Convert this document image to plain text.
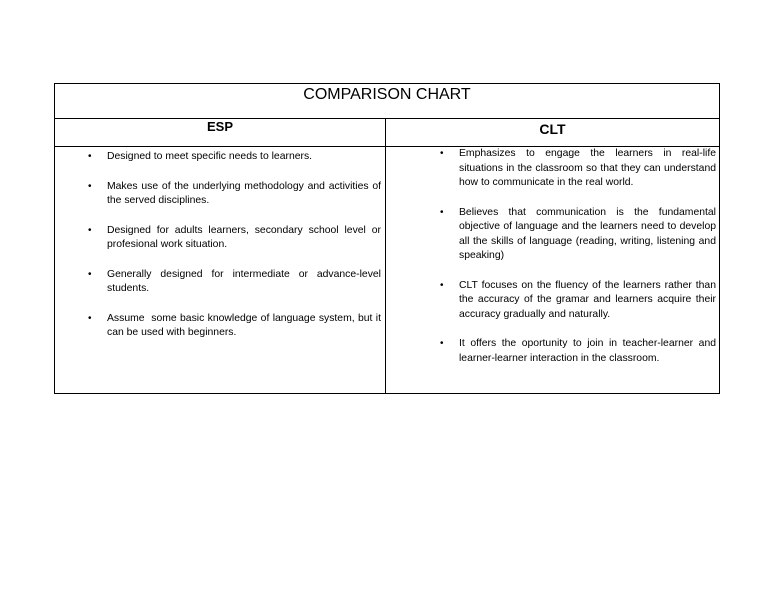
COMPARISON CHART
ESP	CLT
• Designed to meet specific needs to learners.
• Makes use of the underlying methodology and activities of the served disciplines.
• Designed for adults learners, secondary school level or profesional work situation.
• Generally designed for intermediate or advance-level students.
• Assume  some basic knowledge of language system, but it can be used with beginners.
• Emphasizes to engage the learners in real-life situations in the classroom so that they can understand how to communicate in the real world.
• Believes that communication is the fundamental objective of language and the learners need to develop all the skills of language (reading, writing, listening and speaking)
• CLT focuses on the fluency of the learners rather than the accuracy of the gramar and learners acquire their accuracy gradually and naturally.
• It offers the oportunity to join in teacher-learner and learner-learner interaction in the classroom.
